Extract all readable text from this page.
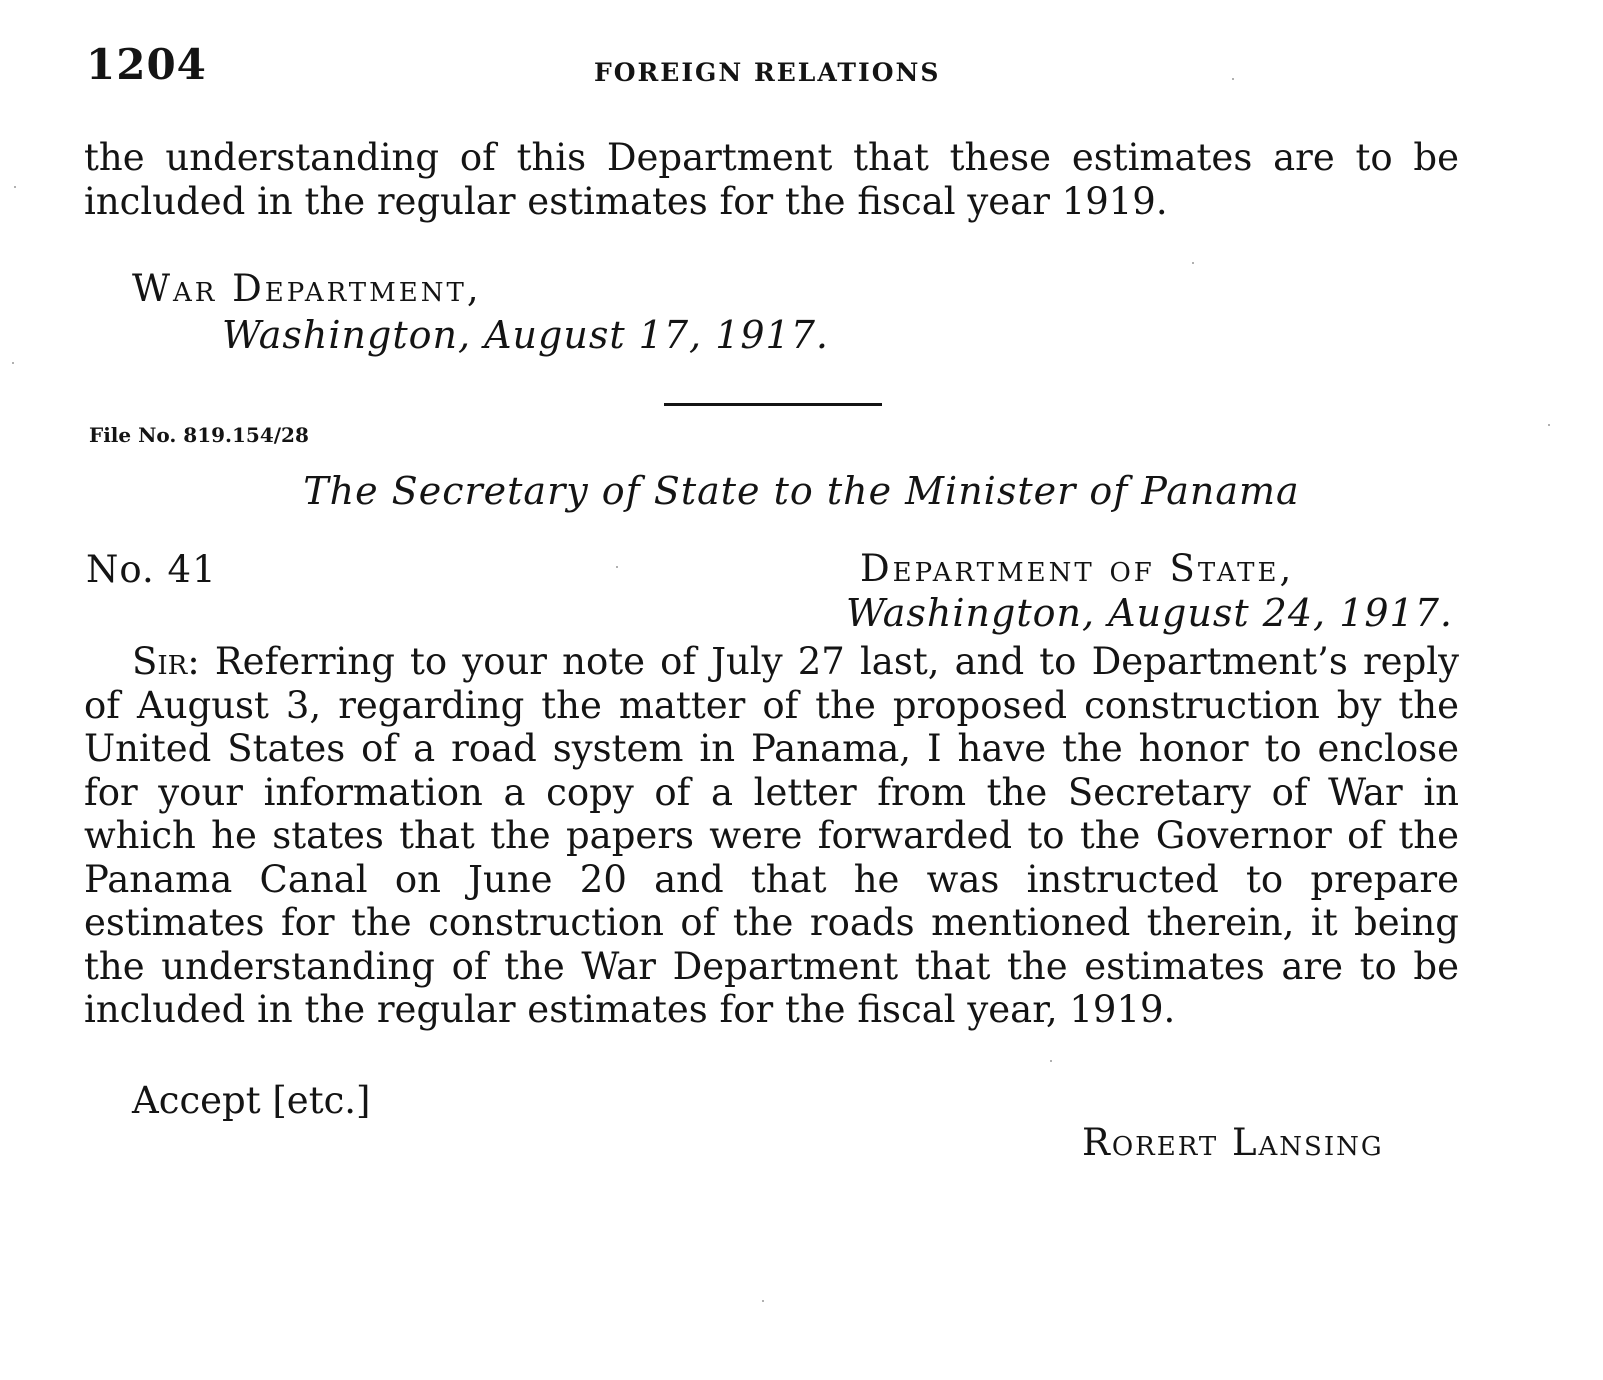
1204	FOREIGN RELATIONS

the understanding of this Department that these estimates are to be included in the regular estimates for the fiscal year 1919.

War Department,
Washington, August 17, 1917.
File No. 819.154/28
The Secretary of State to the Minister of Panama
No. 41	Department of State,
Washington, August 24, 1917.

Sir: Referring to your note of July 27 last, and to Department’s reply of August 3, regarding the matter of the proposed construction by the United States of a road system in Panama, I have the honor to enclose for your information a copy of a letter from the Secretary of War in which he states that the papers were forwarded to the Governor of the Panama Canal on June 20 and that he was instructed to prepare estimates for the construction of the roads mentioned therein, it being the understanding of the War Department that the estimates are to be included in the regular estimates for the fiscal year, 1919.

Accept [etc.]
Rorert Lansing
